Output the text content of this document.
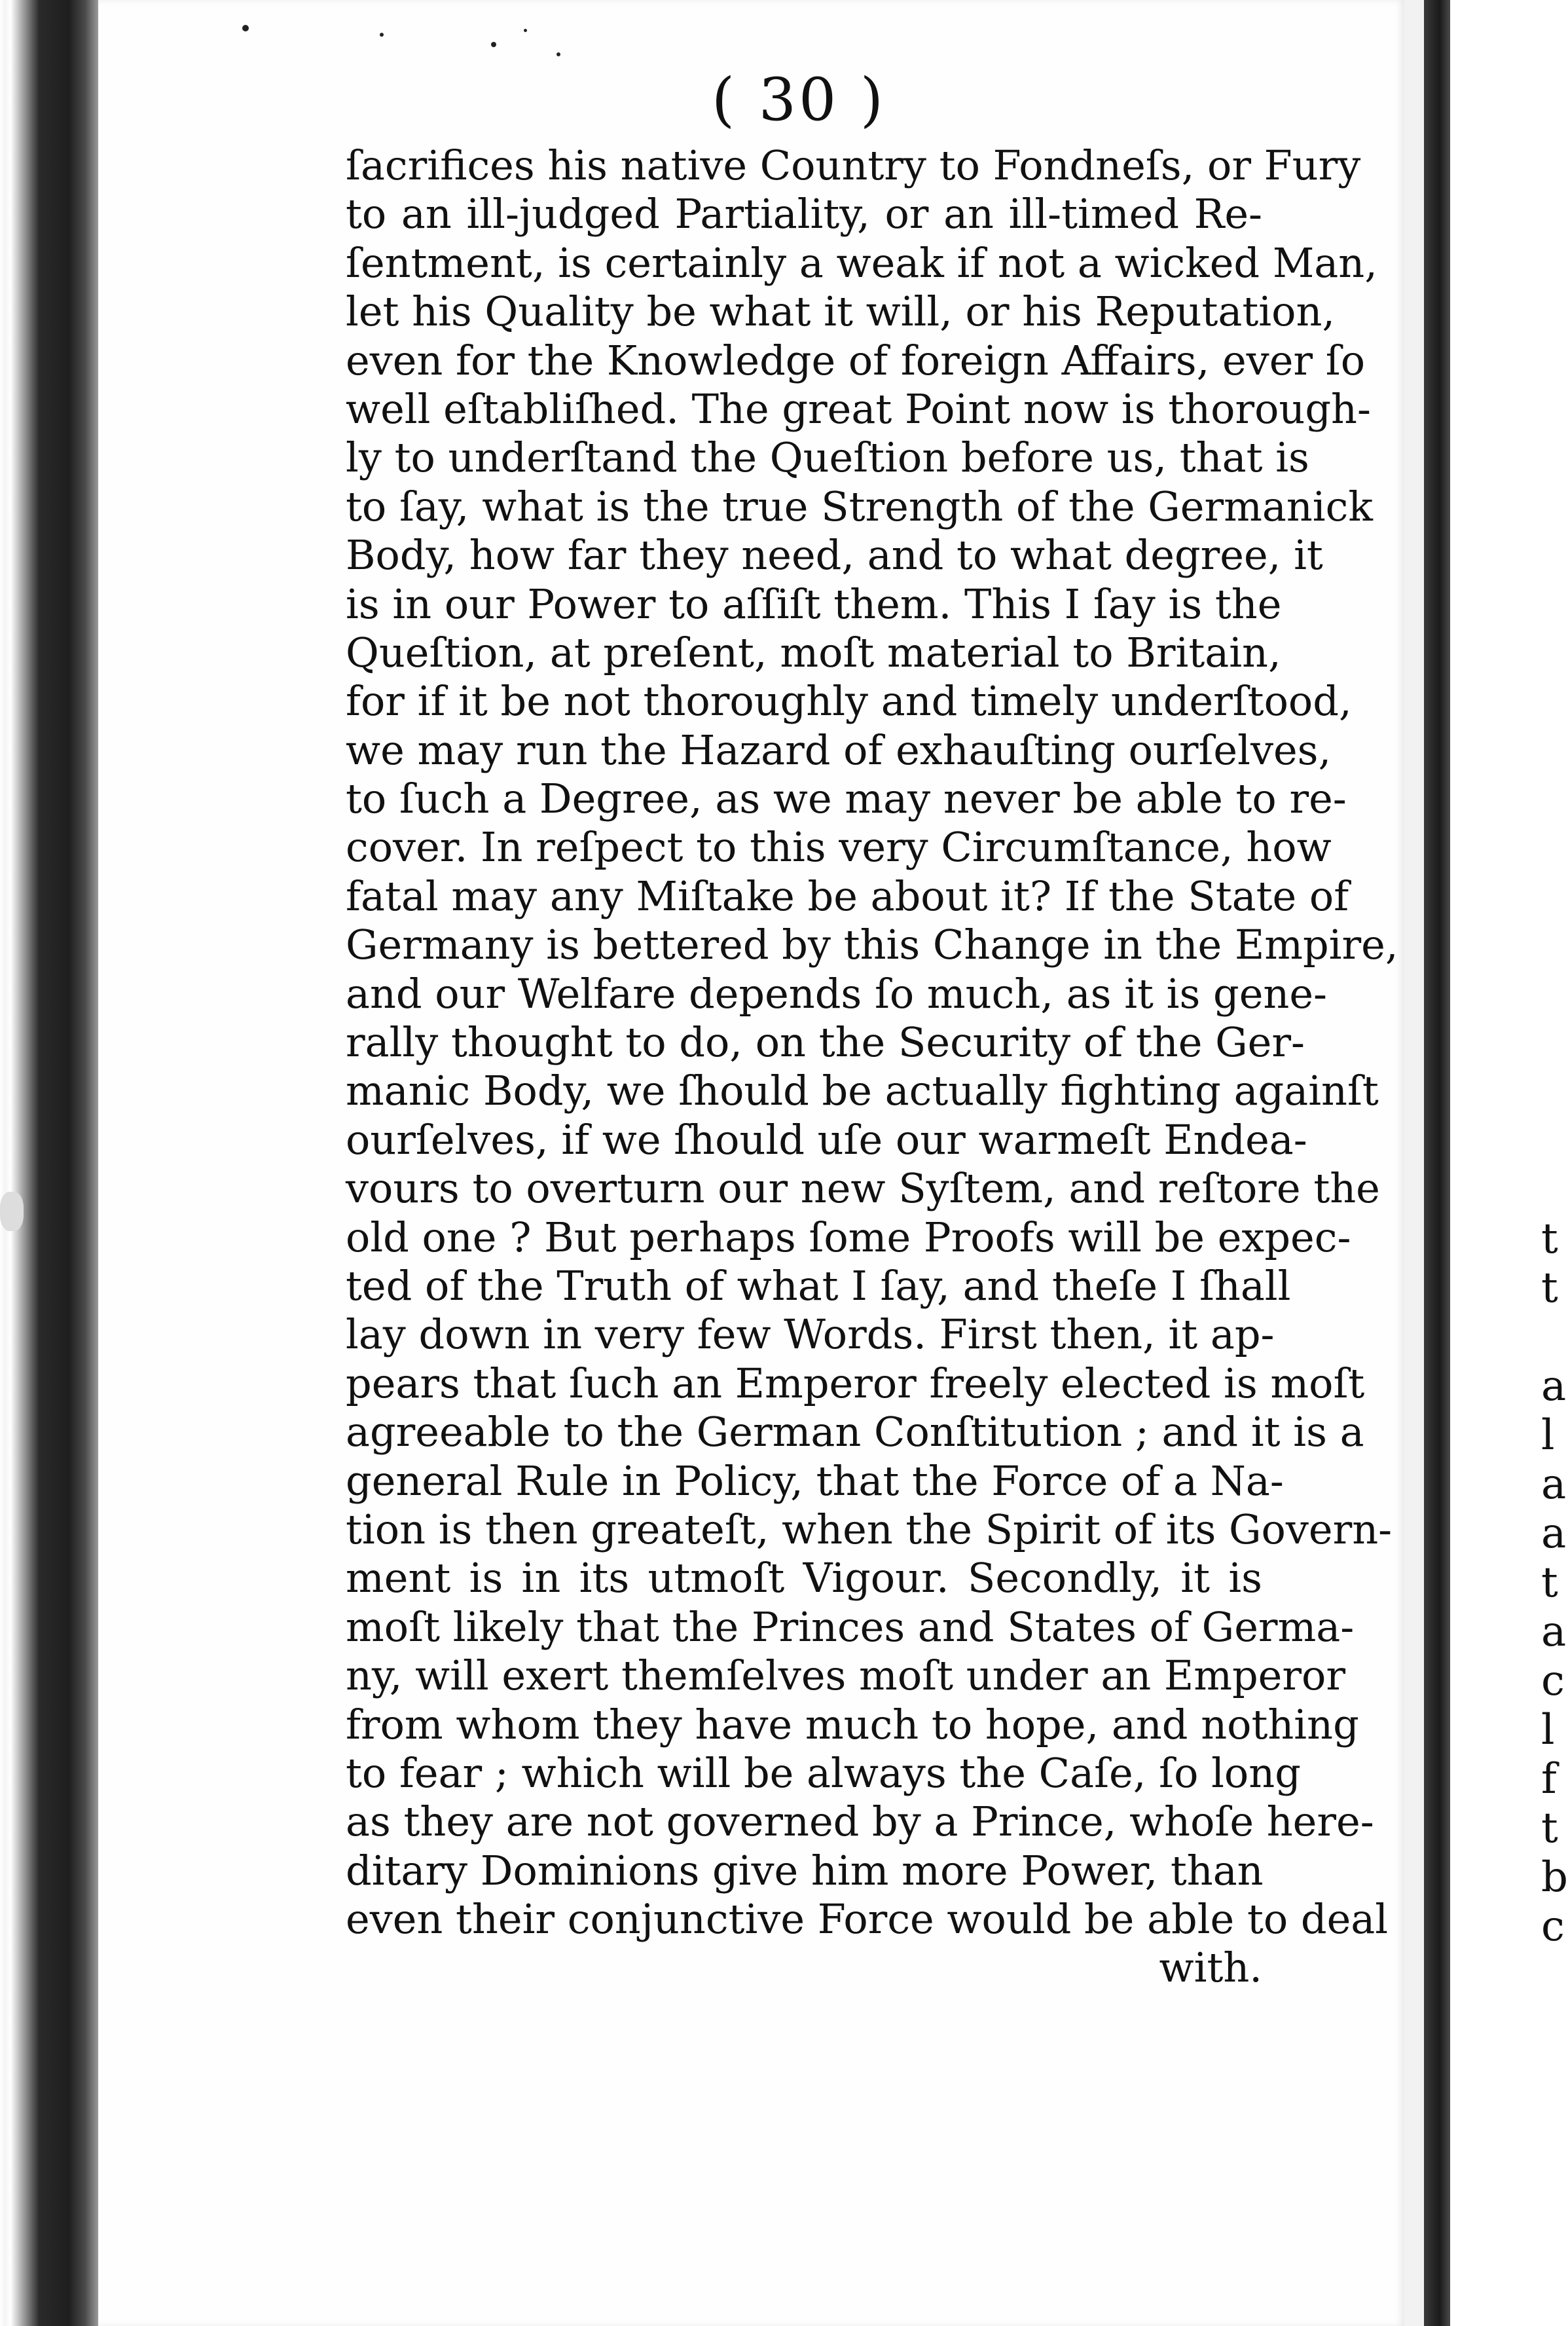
( 30 )
ſacrifices his native Country to Fondneſs, or Fury
to an ill-judged Partiality, or an ill-timed Re-
ſentment, is certainly a weak if not a wicked Man,
let his Quality be what it will, or his Reputation,
even for the Knowledge of foreign Affairs, ever ſo
well eſtabliſhed. The great Point now is thorough-
ly to underſtand the Queſtion before us, that is
to ſay, what is the true Strength of the Germanick
Body, how far they need, and to what degree, it
is in our Power to aſſiſt them. This I ſay is the
Queſtion, at preſent, moſt material to Britain,
for if it be not thoroughly and timely underſtood,
we may run the Hazard of exhauſting ourſelves,
to ſuch a Degree, as we may never be able to re-
cover. In reſpect to this very Circumſtance, how
fatal may any Miſtake be about it? If the State of
Germany is bettered by this Change in the Empire,
and our Welfare depends ſo much, as it is gene-
rally thought to do, on the Security of the Ger-
manic Body, we ſhould be actually fighting againſt
ourſelves, if we ſhould uſe our warmeſt Endea-
vours to overturn our new Syſtem, and reſtore the
old one ? But perhaps ſome Proofs will be expec-
ted of the Truth of what I ſay, and theſe I ſhall
lay down in very few Words. First then, it ap-
pears that ſuch an Emperor freely elected is moſt
agreeable to the German Conſtitution ; and it is a
general Rule in Policy, that the Force of a Na-
tion is then greateſt, when the Spirit of its Govern-
ment is in its utmoſt Vigour. Secondly, it is
moſt likely that the Princes and States of Germa-
ny, will exert themſelves moſt under an Emperor
from whom they have much to hope, and nothing
to fear ; which will be always the Caſe, ſo long
as they are not governed by a Prince, whoſe here-
ditary Dominions give him more Power, than
even their conjunctive Force would be able to deal
with.
t
t
a
l
a
a
t
a
c
l
f
t
b
c
